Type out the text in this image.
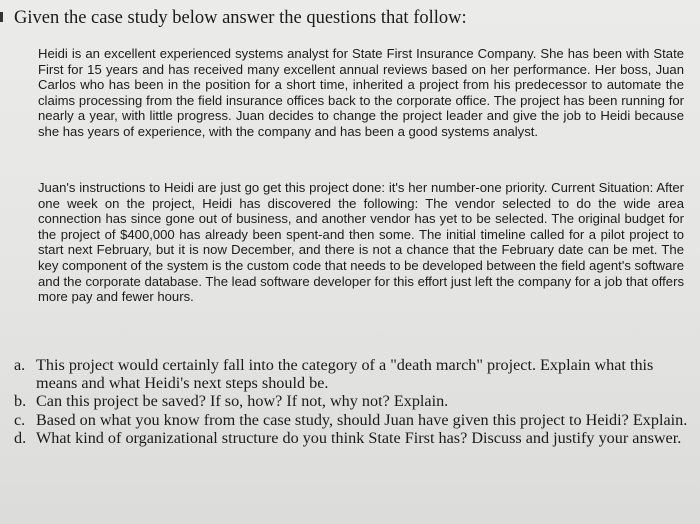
Given the case study below answer the questions that follow:

Heidi is an excellent experienced systems analyst for State First Insurance Company. She has been with State First for 15 years and has received many excellent annual reviews based on her performance. Her boss, Juan Carlos who has been in the position for a short time, inherited a project from his predecessor to automate the claims processing from the field insurance offices back to the corporate office. The project has been running for nearly a year, with little progress. Juan decides to change the project leader and give the job to Heidi because she has years of experience, with the company and has been a good systems analyst.

Juan's instructions to Heidi are just go get this project done: it's her number-one priority. Current Situation: After one week on the project, Heidi has discovered the following: The vendor selected to do the wide area connection has since gone out of business, and another vendor has yet to be selected. The original budget for the project of $400,000 has already been spent-and then some. The initial timeline called for a pilot project to start next February, but it is now December, and there is not a chance that the February date can be met. The key component of the system is the custom code that needs to be developed between the field agent's software and the corporate database. The lead software developer for this effort just left the company for a job that offers more pay and fewer hours.

a. This project would certainly fall into the category of a "death march" project. Explain what this means and what Heidi's next steps should be.
b. Can this project be saved? If so, how? If not, why not? Explain.
c. Based on what you know from the case study, should Juan have given this project to Heidi? Explain.
d. What kind of organizational structure do you think State First has? Discuss and justify your answer.
